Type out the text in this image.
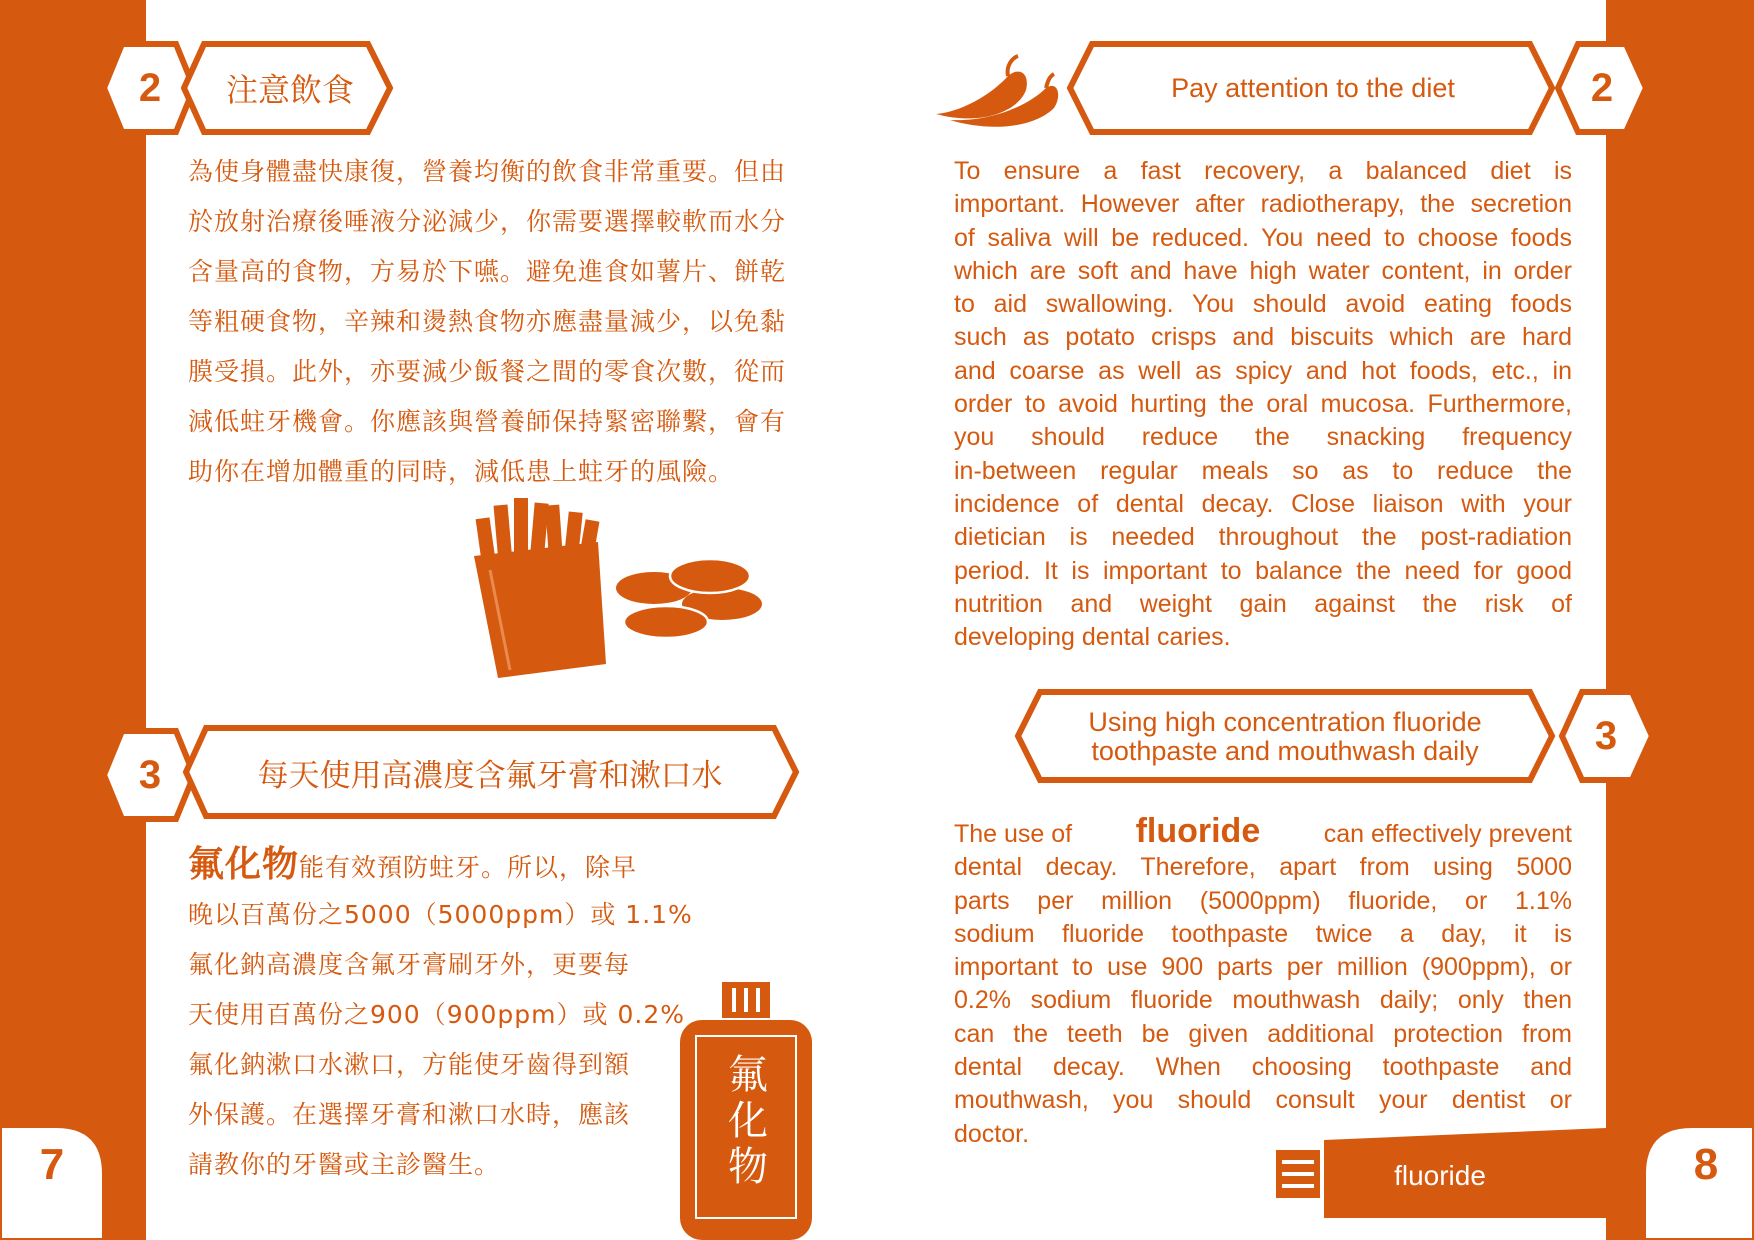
2	注意飲食
為使身體盡快康復，營養均衡的飲食非常重要。但由
於放射治療後唾液分泌減少，你需要選擇較軟而水分
含量高的食物，方易於下嚥。避免進食如薯片、餅乾
等粗硬食物，辛辣和燙熱食物亦應盡量減少，以免黏
膜受損。此外，亦要減少飯餐之間的零食次數，從而
減低蛀牙機會。你應該與營養師保持緊密聯繫，會有
助你在增加體重的同時，減低患上蛀牙的風險。
3	每天使用高濃度含氟牙膏和漱口水
氟化物能有效預防蛀牙。所以，除早
晚以百萬份之5000（5000ppm）或 1.1%
氟化鈉高濃度含氟牙膏刷牙外，更要每
天使用百萬份之900（900ppm）或 0.2%
氟化鈉漱口水漱口，方能使牙齒得到額
外保護。在選擇牙膏和漱口水時，應該
請教你的牙醫或主診醫生。
氟
化
物
7
Pay attention to the diet	2
To ensure a fast recovery, a balanced diet is
important. However after radiotherapy, the secretion
of saliva will be reduced. You need to choose foods
which are soft and have high water content, in order
to aid swallowing. You should avoid eating foods
such as potato crisps and biscuits which are hard
and coarse as well as spicy and hot foods, etc., in
order to avoid hurting the oral mucosa. Furthermore,
you should reduce the snacking frequency
in-between regular meals so as to reduce the
incidence of dental decay. Close liaison with your
dietician is needed throughout the post-radiation
period. It is important to balance the need for good
nutrition and weight gain against the risk of
developing dental caries.
Using high concentration fluoride
toothpaste and mouthwash daily	3
The use of fluoride can effectively prevent
dental decay. Therefore, apart from using 5000
parts per million (5000ppm) fluoride, or 1.1%
sodium fluoride toothpaste twice a day, it is
important to use 900 parts per million (900ppm), or
0.2% sodium fluoride mouthwash daily; only then
can the teeth be given additional protection from
dental decay. When choosing toothpaste and
mouthwash, you should consult your dentist or
doctor.
fluoride	8
